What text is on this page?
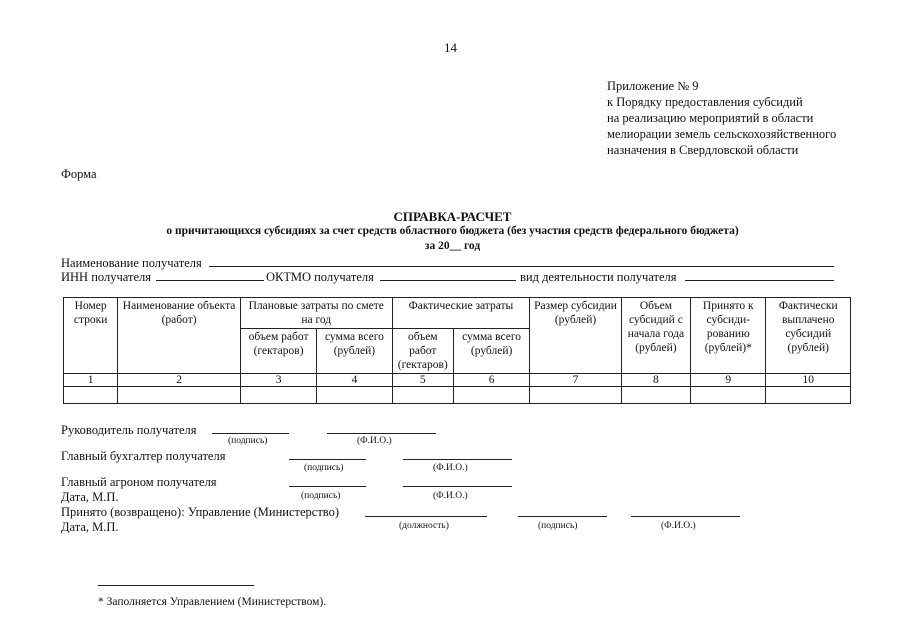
14
Приложение № 9
к Порядку предоставления субсидий
на реализацию мероприятий в области
мелиорации земель сельскохозяйственного
назначения в Свердловской области
Форма
СПРАВКА-РАСЧЕТ
о причитающихся субсидиях за счет средств областного бюджета (без участия средств федерального бюджета)
за 20__ год
Наименование получателя
ИНН получателя	ОКТМО получателя	вид деятельности получателя
Номер строки	Наименование объекта (работ)	Плановые затраты по смете на год		Фактические затраты		Размер субсидии (рублей)	Объем субсидий с начала года (рублей)	Принято к субсиди-рованию (рублей)*	Фактически выплачено субсидий (рублей)
		объем работ (гектаров)	сумма всего (рублей)	объем работ (гектаров)	сумма всего (рублей)				
1	2	3	4	5	6	7	8	9	10

Руководитель получателя
(подпись)	(Ф.И.О.)
Главный бухгалтер получателя
(подпись)	(Ф.И.О.)
Главный агроном получателя
Дата, М.П.	(подпись)	(Ф.И.О.)
Принято (возвращено): Управление (Министерство)
Дата, М.П.	(должность)	(подпись)	(Ф.И.О.)
* Заполняется Управлением (Министерством).
